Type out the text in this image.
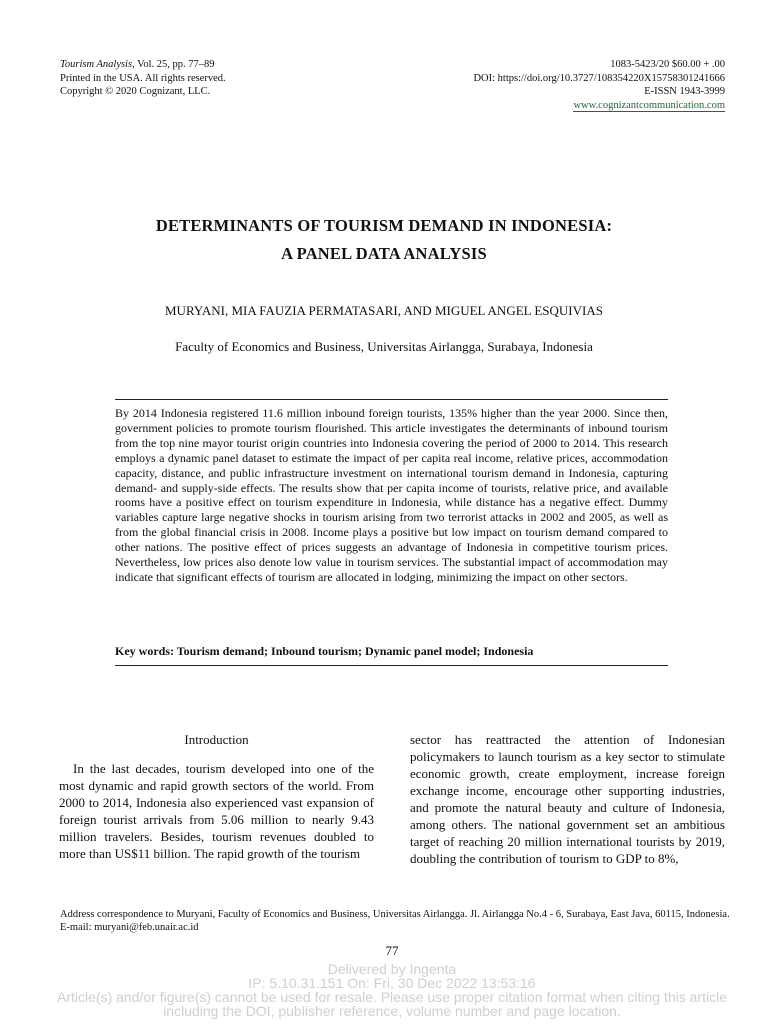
Tourism Analysis, Vol. 25, pp. 77–89
Printed in the USA. All rights reserved.
Copyright © 2020 Cognizant, LLC.
1083-5423/20 $60.00 + .00
DOI: https://doi.org/10.3727/108354220X15758301241666
E-ISSN 1943-3999
www.cognizantcommunication.com
DETERMINANTS OF TOURISM DEMAND IN INDONESIA:
A PANEL DATA ANALYSIS
MURYANI, MIA FAUZIA PERMATASARI, AND MIGUEL ANGEL ESQUIVIAS
Faculty of Economics and Business, Universitas Airlangga, Surabaya, Indonesia
By 2014 Indonesia registered 11.6 million inbound foreign tourists, 135% higher than the year 2000. Since then, government policies to promote tourism flourished. This article investigates the determinants of inbound tourism from the top nine mayor tourist origin countries into Indonesia covering the period of 2000 to 2014. This research employs a dynamic panel dataset to estimate the impact of per capita real income, relative prices, accommodation capacity, distance, and public infrastructure investment on international tourism demand in Indonesia, capturing demand- and supply-side effects. The results show that per capita income of tourists, relative price, and available rooms have a positive effect on tourism expenditure in Indonesia, while distance has a negative effect. Dummy variables capture large negative shocks in tourism arising from two terrorist attacks in 2002 and 2005, as well as from the global financial crisis in 2008. Income plays a positive but low impact on tourism demand compared to other nations. The positive effect of prices suggests an advantage of Indonesia in competitive tourism prices. Nevertheless, low prices also denote low value in tourism services. The substantial impact of accommodation may indicate that significant effects of tourism are allocated in lodging, minimizing the impact on other sectors.
Key words: Tourism demand; Inbound tourism; Dynamic panel model; Indonesia
Introduction

In the last decades, tourism developed into one of the most dynamic and rapid growth sectors of the world. From 2000 to 2014, Indonesia also experienced vast expansion of foreign tourist arrivals from 5.06 million to nearly 9.43 million travelers. Besides, tourism revenues doubled to more than US$11 billion. The rapid growth of the tourism

sector has reattracted the attention of Indonesian policymakers to launch tourism as a key sector to stimulate economic growth, create employment, increase foreign exchange income, encourage other supporting industries, and promote the natural beauty and culture of Indonesia, among others. The national government set an ambitious target of reaching 20 million international tourists by 2019, doubling the contribution of tourism to GDP to 8%,

Address correspondence to Muryani, Faculty of Economics and Business, Universitas Airlangga. Jl. Airlangga No.4 - 6, Surabaya, East Java, 60115, Indonesia. E-mail: muryani@feb.unair.ac.id
77
Delivered by Ingenta
IP: 5.10.31.151 On: Fri, 30 Dec 2022 13:53:16
Article(s) and/or figure(s) cannot be used for resale. Please use proper citation format when citing this article
including the DOI, publisher reference, volume number and page location.
